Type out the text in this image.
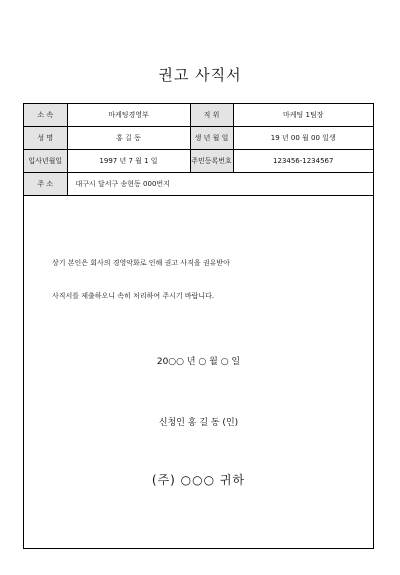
권고 사직서
소 속	마케팅경영부	직 위	마케팅 1팀장
성 명	홍 길 동	생 년 월 일	19 년 00 월 00 일생
입사년월일	1997 년 7 월 1 일	주민등록번호	123456-1234567
주 소	대구시 달서구 송현동 000번지		
상기 본인은 회사의 경영악화로 인해 권고 사직을 권유받아
사직서를 제출하오니 속히 처리하여 주시기 바랍니다.
20○○ 년 ○ 월 ○ 일
신청인 홍 길 동 (인)
(주) ○○○ 귀하
